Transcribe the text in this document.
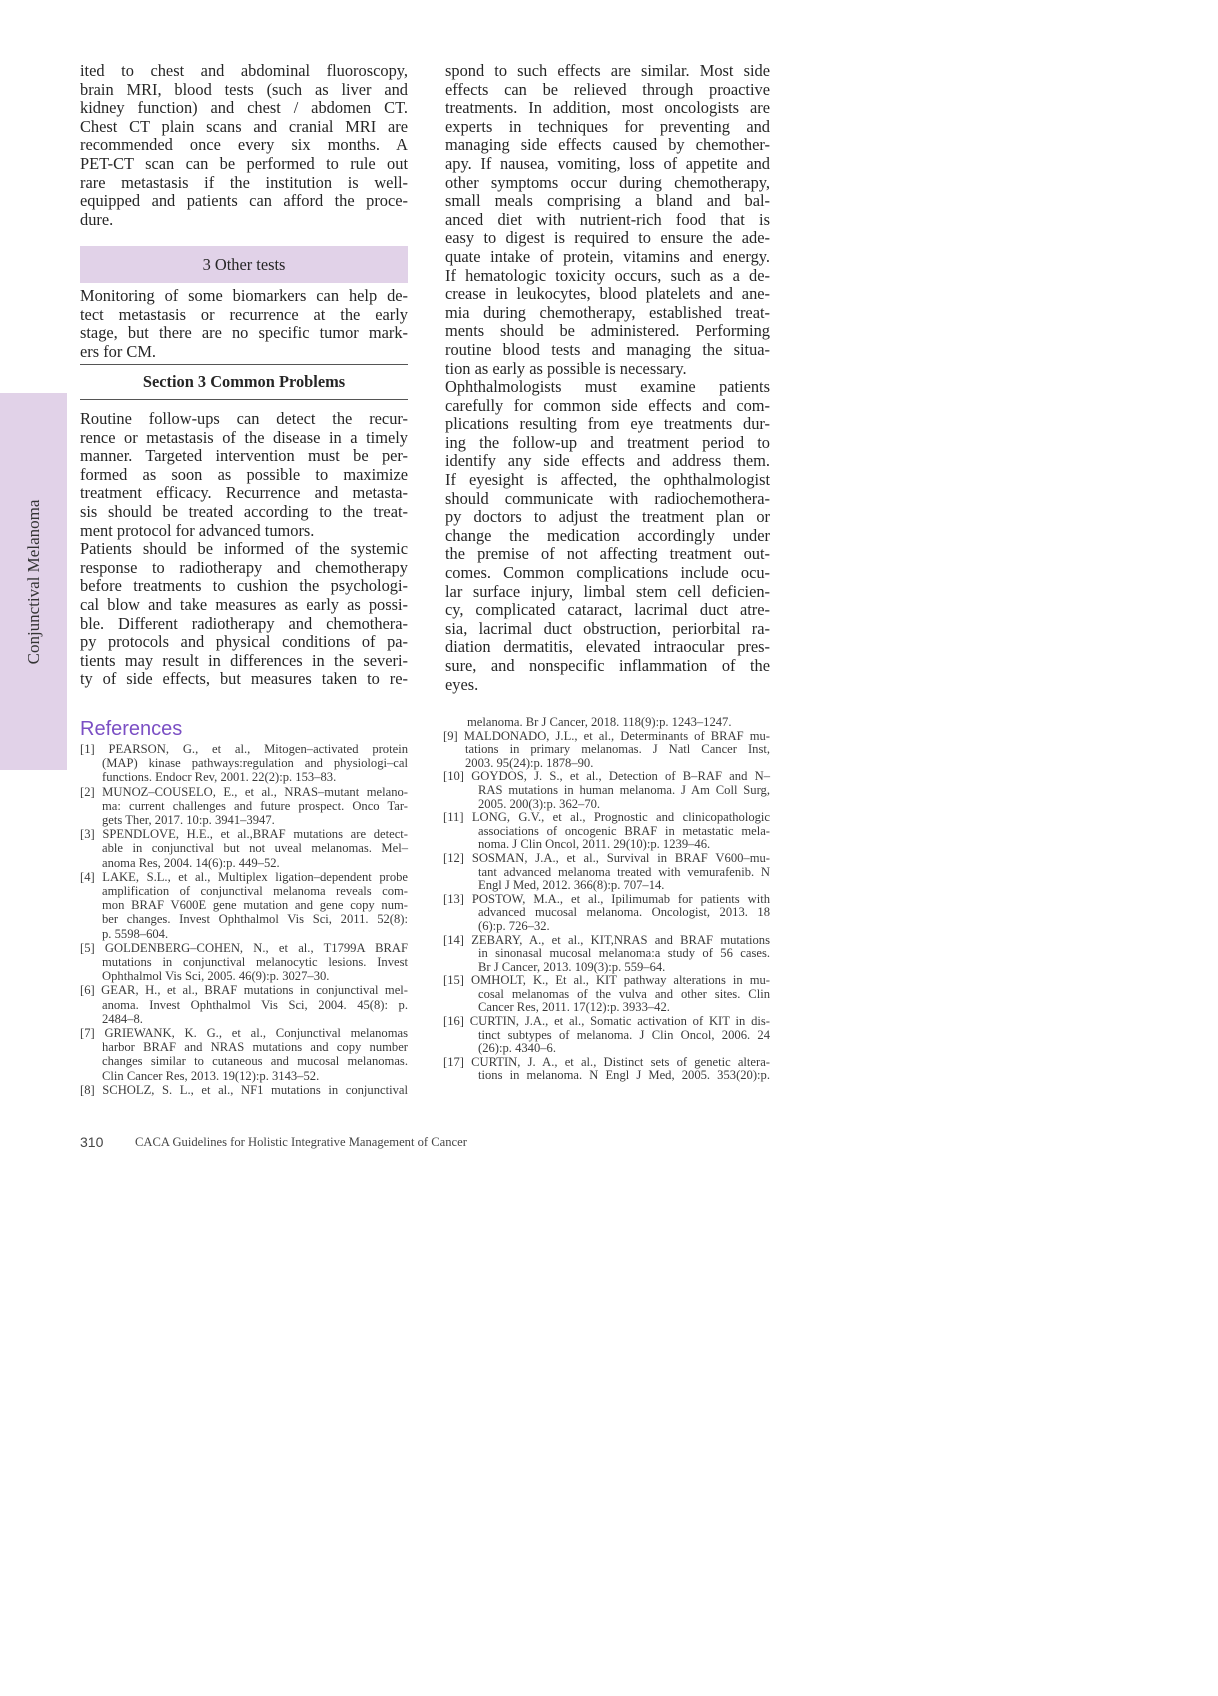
Conjunctival Melanoma
ited to chest and abdominal fluoroscopy,
brain MRI, blood tests (such as liver and
kidney function) and chest / abdomen CT.
Chest CT plain scans and cranial MRI are
recommended once every six months. A
PET-CT scan can be performed to rule out
rare metastasis if the institution is well-
equipped and patients can afford the proce-
dure.
3 Other tests
Monitoring of some biomarkers can help de-
tect metastasis or recurrence at the early
stage, but there are no specific tumor mark-
ers for CM.
Section 3 Common Problems
Routine follow-ups can detect the recur-
rence or metastasis of the disease in a timely
manner. Targeted intervention must be per-
formed as soon as possible to maximize
treatment efficacy. Recurrence and metasta-
sis should be treated according to the treat-
ment protocol for advanced tumors.
Patients should be informed of the systemic
response to radiotherapy and chemotherapy
before treatments to cushion the psychologi-
cal blow and take measures as early as possi-
ble. Different radiotherapy and chemothera-
py protocols and physical conditions of pa-
tients may result in differences in the severi-
ty of side effects, but measures taken to re-
spond to such effects are similar. Most side
effects can be relieved through proactive
treatments. In addition, most oncologists are
experts in techniques for preventing and
managing side effects caused by chemother-
apy. If nausea, vomiting, loss of appetite and
other symptoms occur during chemotherapy,
small meals comprising a bland and bal-
anced diet with nutrient-rich food that is
easy to digest is required to ensure the ade-
quate intake of protein, vitamins and energy.
If hematologic toxicity occurs, such as a de-
crease in leukocytes, blood platelets and ane-
mia during chemotherapy, established treat-
ments should be administered. Performing
routine blood tests and managing the situa-
tion as early as possible is necessary.
Ophthalmologists must examine patients
carefully for common side effects and com-
plications resulting from eye treatments dur-
ing the follow-up and treatment period to
identify any side effects and address them.
If eyesight is affected, the ophthalmologist
should communicate with radiochemothera-
py doctors to adjust the treatment plan or
change the medication accordingly under
the premise of not affecting treatment out-
comes. Common complications include ocu-
lar surface injury, limbal stem cell deficien-
cy, complicated cataract, lacrimal duct atre-
sia, lacrimal duct obstruction, periorbital ra-
diation dermatitis, elevated intraocular pres-
sure, and nonspecific inflammation of the
eyes.
References
[1] PEARSON, G., et al., Mitogen–activated protein
(MAP) kinase pathways:regulation and physiologi–cal
functions. Endocr Rev, 2001. 22(2):p. 153–83.
[2] MUNOZ–COUSELO, E., et al., NRAS–mutant melano-
ma: current challenges and future prospect. Onco Tar-
gets Ther, 2017. 10:p. 3941–3947.
[3] SPENDLOVE, H.E., et al.,BRAF mutations are detect-
able in conjunctival but not uveal melanomas. Mel–
anoma Res, 2004. 14(6):p. 449–52.
[4] LAKE, S.L., et al., Multiplex ligation–dependent probe
amplification of conjunctival melanoma reveals com-
mon BRAF V600E gene mutation and gene copy num-
ber changes. Invest Ophthalmol Vis Sci, 2011. 52(8):
p. 5598–604.
[5] GOLDENBERG–COHEN, N., et al., T1799A BRAF
mutations in conjunctival melanocytic lesions. Invest
Ophthalmol Vis Sci, 2005. 46(9):p. 3027–30.
[6] GEAR, H., et al., BRAF mutations in conjunctival mel-
anoma. Invest Ophthalmol Vis Sci, 2004. 45(8): p.
2484–8.
[7] GRIEWANK, K. G., et al., Conjunctival melanomas
harbor BRAF and NRAS mutations and copy number
changes similar to cutaneous and mucosal melanomas.
Clin Cancer Res, 2013. 19(12):p. 3143–52.
[8] SCHOLZ, S. L., et al., NF1 mutations in conjunctival
melanoma. Br J Cancer, 2018. 118(9):p. 1243–1247.
[9] MALDONADO, J.L., et al., Determinants of BRAF mu-
tations in primary melanomas. J Natl Cancer Inst,
2003. 95(24):p. 1878–90.
[10] GOYDOS, J. S., et al., Detection of B–RAF and N–
RAS mutations in human melanoma. J Am Coll Surg,
2005. 200(3):p. 362–70.
[11] LONG, G.V., et al., Prognostic and clinicopathologic
associations of oncogenic BRAF in metastatic mela-
noma. J Clin Oncol, 2011. 29(10):p. 1239–46.
[12] SOSMAN, J.A., et al., Survival in BRAF V600–mu-
tant advanced melanoma treated with vemurafenib. N
Engl J Med, 2012. 366(8):p. 707–14.
[13] POSTOW, M.A., et al., Ipilimumab for patients with
advanced mucosal melanoma. Oncologist, 2013. 18
(6):p. 726–32.
[14] ZEBARY, A., et al., KIT,NRAS and BRAF mutations
in sinonasal mucosal melanoma:a study of 56 cases.
Br J Cancer, 2013. 109(3):p. 559–64.
[15] OMHOLT, K., Et al., KIT pathway alterations in mu-
cosal melanomas of the vulva and other sites. Clin
Cancer Res, 2011. 17(12):p. 3933–42.
[16] CURTIN, J.A., et al., Somatic activation of KIT in dis-
tinct subtypes of melanoma. J Clin Oncol, 2006. 24
(26):p. 4340–6.
[17] CURTIN, J. A., et al., Distinct sets of genetic altera-
tions in melanoma. N Engl J Med, 2005. 353(20):p.
310	CACA Guidelines for Holistic Integrative Management of Cancer
